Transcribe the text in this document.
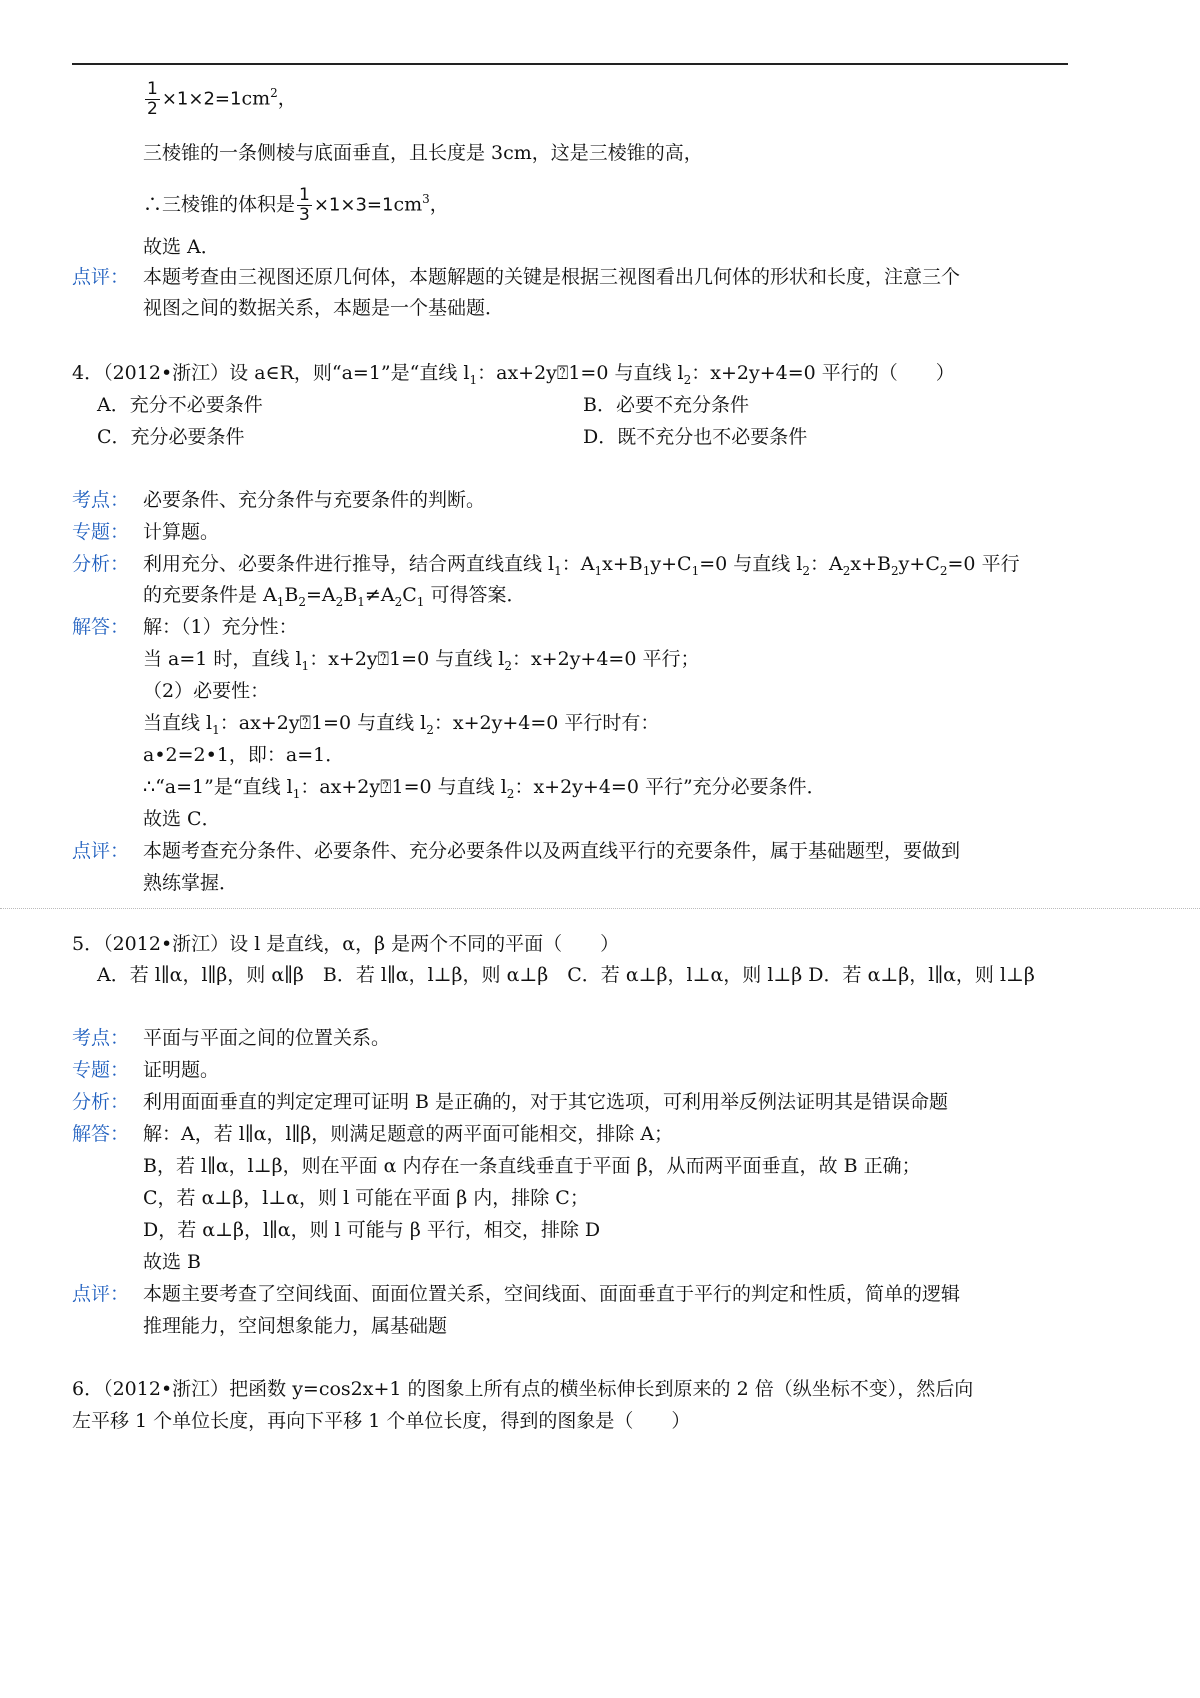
$\frac{1}{2} \times 1\times 2=1cm^2$，
三棱锥的一条侧棱与底面垂直，且长度是 3cm，这是三棱锥的高，
∴三棱锥的体积是 $\frac{1}{3} \times 1\times 3=1cm^3$，
故选 A．
点评： 本题考查由三视图还原几何体，本题解题的关键是根据三视图看出几何体的形状和长度，注意三个
视图之间的数据关系，本题是一个基础题．
4．（2012•浙江）设 a∈R，则“a=1”是“直线 $l_1$：ax+2y⍰1=0 与直线 $l_2$：x+2y+4=0 平行的（　　）
A．充分不必要条件	B．必要不充分条件
C．充分必要条件	D．既不充分也不必要条件
考点： 必要条件、充分条件与充要条件的判断。
专题： 计算题。
分析： 利用充分、必要条件进行推导，结合两直线直线 $l_1$：$A_1x+B_1y+C_1=0$ 与直线 $l_2$：$A_2x+B_2y+C_2=0$ 平行
的充要条件是 $A_1B_2=A_2B_1\ne A_2C_1$ 可得答案．
解答： 解：（1）充分性：
当 a=1 时，直线 $l_1$：x+2y⍰1=0 与直线 $l_2$：x+2y+4=0 平行；
（2）必要性：
当直线 $l_1$：ax+2y⍰1=0 与直线 $l_2$：x+2y+4=0 平行时有：
a•2=2•1，即：a=1．
∴“a=1”是“直线 $l_1$：ax+2y⍰1=0 与直线 $l_2$：x+2y+4=0 平行”充分必要条件．
故选 C．
点评： 本题考查充分条件、必要条件、充分必要条件以及两直线平行的充要条件，属于基础题型，要做到
熟练掌握．
5．（2012•浙江）设 l 是直线，α，β 是两个不同的平面（　　）
A．若 l∥α，l∥β，则 α∥β　B．若 l∥α，l⊥β，则 α⊥β　C．若 α⊥β，l⊥α，则 l⊥β D．若 α⊥β，l∥α，则 l⊥β
考点： 平面与平面之间的位置关系。
专题： 证明题。
分析： 利用面面垂直的判定定理可证明 B 是正确的，对于其它选项，可利用举反例法证明其是错误命题
解答： 解：A，若 l∥α，l∥β，则满足题意的两平面可能相交，排除 A；
B，若 l∥α，l⊥β，则在平面 α 内存在一条直线垂直于平面 β，从而两平面垂直，故 B 正确；
C，若 α⊥β，l⊥α，则 l 可能在平面 β 内，排除 C；
D，若 α⊥β，l∥α，则 l 可能与 β 平行，相交，排除 D
故选 B
点评： 本题主要考查了空间线面、面面位置关系，空间线面、面面垂直于平行的判定和性质，简单的逻辑
推理能力，空间想象能力，属基础题
6．（2012•浙江）把函数 y=cos2x+1 的图象上所有点的横坐标伸长到原来的 2 倍（纵坐标不变），然后向
左平移 1 个单位长度，再向下平移 1 个单位长度，得到的图象是（　　）
